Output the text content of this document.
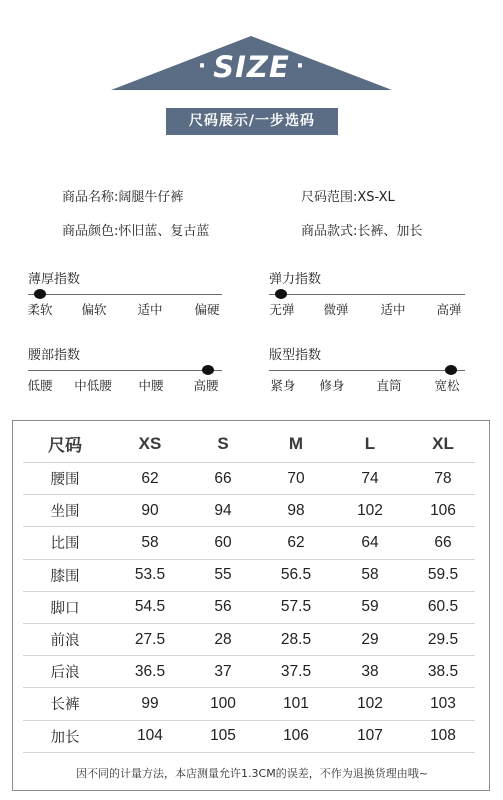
· SIZE ·
尺码展示/一步选码
商品名称:阔腿牛仔裤	尺码范围:XS-XL
商品颜色:怀旧蓝、复古蓝	商品款式:长裤、加长
薄厚指数
柔软 偏软 适中	偏硬
弹力指数
无弹 微弹	适中 高弹
腰部指数
低腰 中低腰 中腰 高腰
版型指数
紧身 修身	直筒	宽松
因不同的计量方法，本店测量允许1.3CM的误差，不作为退换货理由哦~
尺码	XS	S	M	L	XL
腰围	62	66	70	74	78
坐围	90	94	98	102	106
比围	58	60	62	64	66
膝围	53.5	55	56.5	58	59.5
脚口	54.5	56	57.5	59	60.5
前浪	27.5	28	28.5	29	29.5
后浪	36.5	37	37.5	38	38.5
长裤	99	100	101	102	103
加长	104	105	106	107	108
